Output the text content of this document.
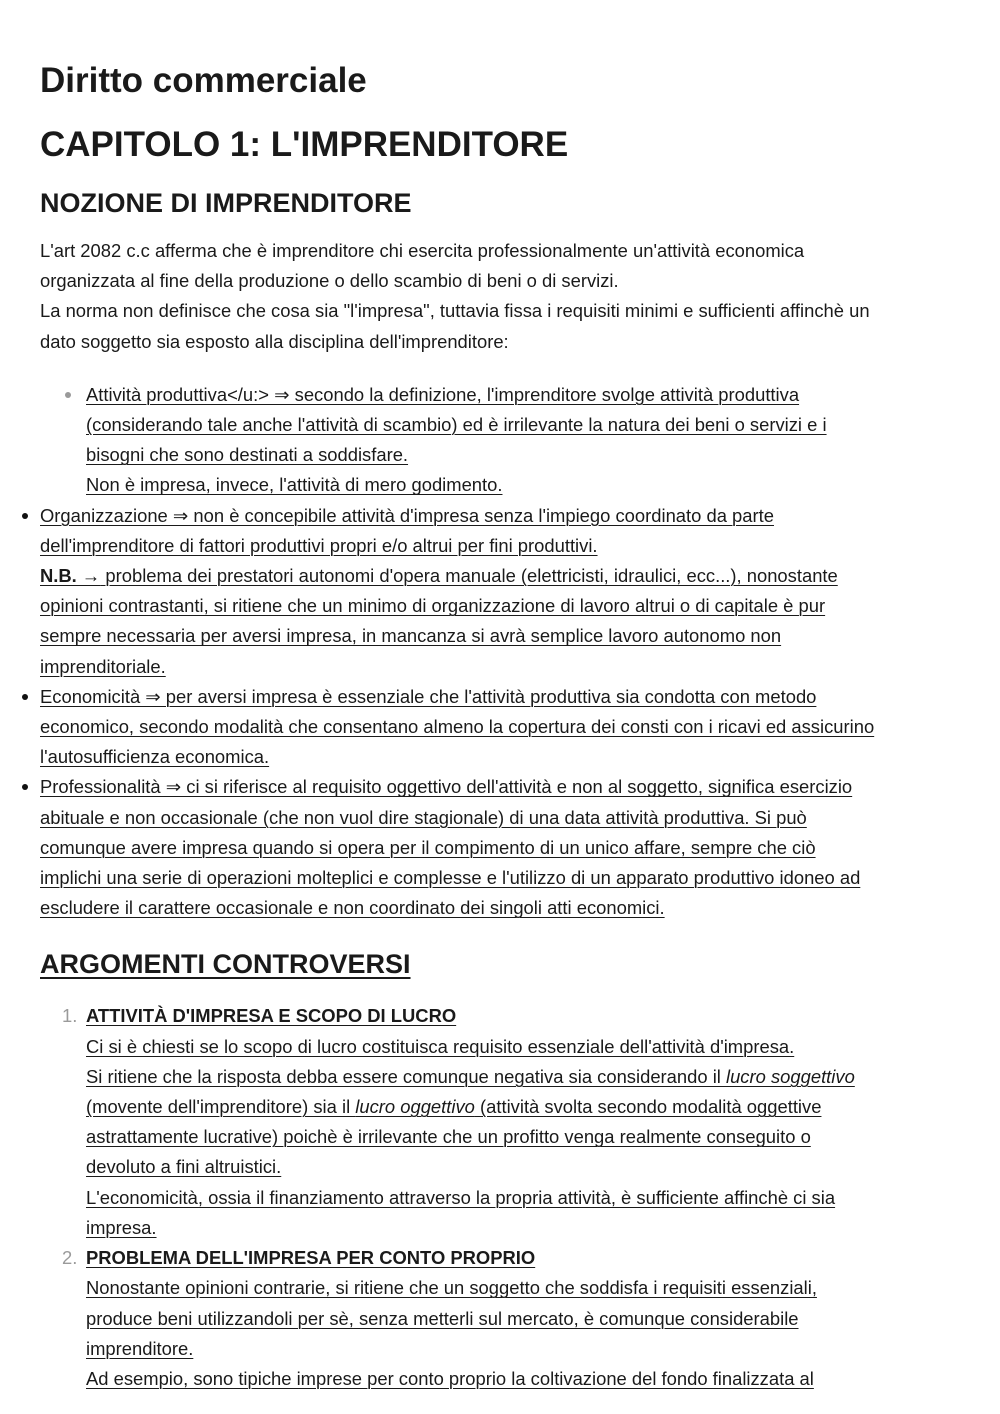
Diritto commerciale
CAPITOLO 1: L'IMPRENDITORE
NOZIONE DI IMPRENDITORE

L'art 2082 c.c afferma che è imprenditore chi esercita professionalmente un'attività economica
organizzata al fine della produzione o dello scambio di beni o di servizi.
La norma non definisce che cosa sia "l'impresa", tuttavia fissa i requisiti minimi e sufficienti affinchè un
dato soggetto sia esposto alla disciplina dell'imprenditore:

Attività produttiva</u:> ⇒ secondo la definizione, l'imprenditore svolge attività produttiva
(considerando tale anche l'attività di scambio) ed è irrilevante la natura dei beni o servizi e i
bisogni che sono destinati a soddisfare.
Non è impresa, invece, l'attività di mero godimento.
Organizzazione ⇒ non è concepibile attività d'impresa senza l'impiego coordinato da parte
dell'imprenditore di fattori produttivi propri e/o altrui per fini produttivi.
N.B. → problema dei prestatori autonomi d'opera manuale (elettricisti, idraulici, ecc...), nonostante
opinioni contrastanti, si ritiene che un minimo di organizzazione di lavoro altrui o di capitale è pur
sempre necessaria per aversi impresa, in mancanza si avrà semplice lavoro autonomo non
imprenditoriale.
Economicità ⇒ per aversi impresa è essenziale che l'attività produttiva sia condotta con metodo
economico, secondo modalità che consentano almeno la copertura dei consti con i ricavi ed assicurino
l'autosufficienza economica.
Professionalità ⇒ ci si riferisce al requisito oggettivo dell'attività e non al soggetto, significa esercizio
abituale e non occasionale (che non vuol dire stagionale) di una data attività produttiva. Si può
comunque avere impresa quando si opera per il compimento di un unico affare, sempre che ciò
implichi una serie di operazioni molteplici e complesse e l'utilizzo di un apparato produttivo idoneo ad
escludere il carattere occasionale e non coordinato dei singoli atti economici.
ARGOMENTI CONTROVERSI
1. ATTIVITÀ D'IMPRESA E SCOPO DI LUCRO
Ci si è chiesti se lo scopo di lucro costituisca requisito essenziale dell'attività d'impresa.
Si ritiene che la risposta debba essere comunque negativa sia considerando il lucro soggettivo
(movente dell'imprenditore) sia il lucro oggettivo (attività svolta secondo modalità oggettive
astrattamente lucrative) poichè è irrilevante che un profitto venga realmente conseguito o
devoluto a fini altruistici.
L'economicità, ossia il finanziamento attraverso la propria attività, è sufficiente affinchè ci sia
impresa.
2. PROBLEMA DELL'IMPRESA PER CONTO PROPRIO
Nonostante opinioni contrarie, si ritiene che un soggetto che soddisfa i requisiti essenziali,
produce beni utilizzandoli per sè, senza metterli sul mercato, è comunque considerabile
imprenditore.
Ad esempio, sono tipiche imprese per conto proprio la coltivazione del fondo finalizzata al
